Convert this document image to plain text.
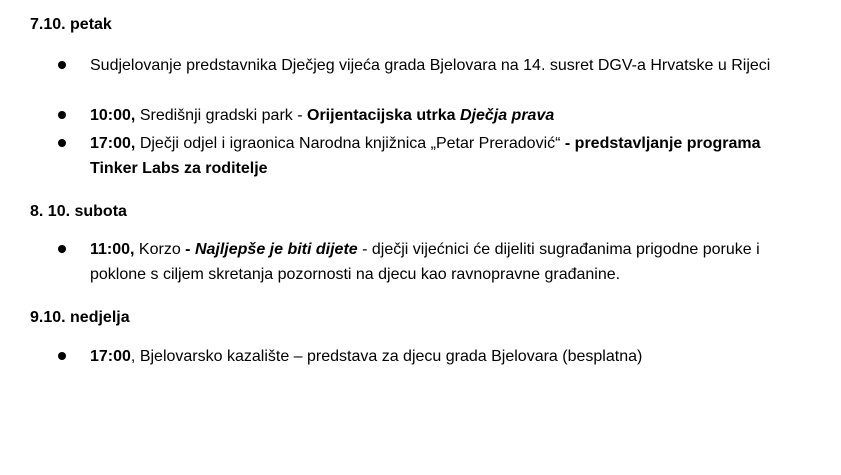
7.10. petak
Sudjelovanje predstavnika Dječjeg vijeća grada Bjelovara na 14. susret DGV-a Hrvatske u Rijeci
10:00, Središnji gradski park - Orijentacijska utrka Dječja prava
17:00, Dječji odjel i igraonica Narodna knjižnica „Petar Preradović“ - predstavljanje programa Tinker Labs za roditelje
8. 10. subota
11:00, Korzo - Najljepše je biti dijete - dječji vijećnici će dijeliti sugrađanima prigodne poruke i poklone s ciljem skretanja pozornosti na djecu kao ravnopravne građanine.
9.10. nedjelja
17:00, Bjelovarsko kazalište – predstava za djecu grada Bjelovara (besplatna)
